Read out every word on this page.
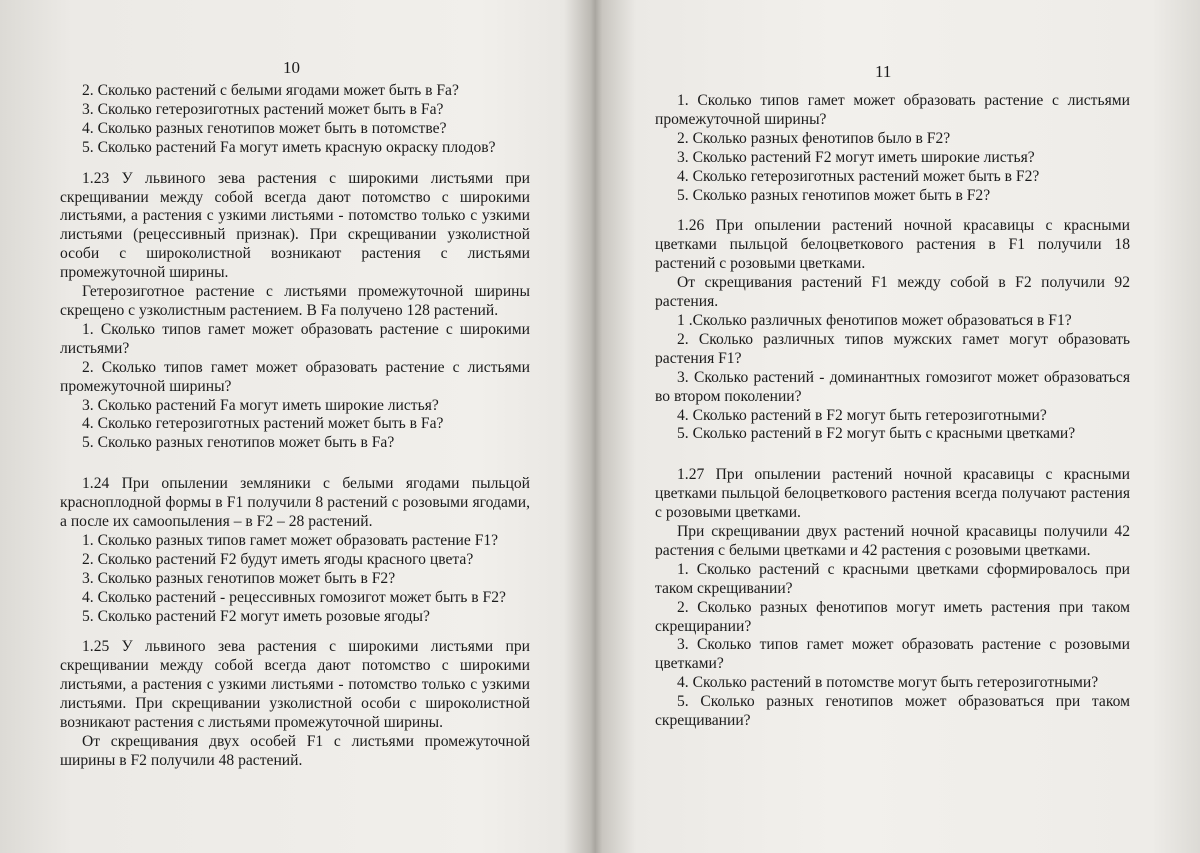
10

2. Сколько растений с белыми ягодами может быть в Fa?

3. Сколько гетерозиготных растений может быть в Fa?

4. Сколько разных генотипов может быть в потомстве?

5. Сколько растений Fa могут иметь красную окраску плодов?

1.23 У львиного зева растения с широкими листьями при скрещивании между собой всегда дают потомство с широкими листьями, а растения с узкими листьями - потомство только с узкими листьями (рецессивный признак). При скрещивании узколистной особи с широколистной возникают растения с листьями промежуточной ширины.

Гетерозиготное растение с листьями промежуточной ширины скрещено с узколистным растением. В Fa получено 128 растений.

1. Сколько типов гамет может образовать растение с широкими листьями?

2. Сколько типов гамет может образовать растение с листьями промежуточной ширины?

3. Сколько растений Fa могут иметь широкие листья?

4. Сколько гетерозиготных растений может быть в Fa?

5. Сколько разных генотипов может быть в Fa?

1.24 При опылении земляники с белыми ягодами пыльцой краснoплодной формы в F1 получили 8 растений с розовыми ягодами, а после их самоопыления – в F2 – 28 растений.

1. Сколько разных типов гамет может образовать растение F1?

2. Сколько растений F2 будут иметь ягоды красного цвета?

3. Сколько разных генотипов может быть в F2?

4. Сколько растений - рецессивных гомозигот может быть в F2?

5. Сколько растений F2 могут иметь розовые ягоды?

1.25 У львиного зева растения с широкими листьями при скрещивании между собой всегда дают потомство с широкими листьями, а растения с узкими листьями - потомство только с узкими листьями. При скрещивании узколистной особи с широколистной возникают растения с листьями промежуточной ширины.

От скрещивания двух особей F1 с листьями промежуточной ширины в F2 получили 48 растений.

11

1. Сколько типов гамет может образовать растение с листьями промежуточной ширины?

2. Сколько разных фенотипов было в F2?

3. Сколько растений F2 могут иметь широкие листья?

4. Сколько гетерозиготных растений может быть в F2?

5. Сколько разных генотипов может быть в F2?

1.26 При опылении растений ночной красавицы с красными цветками пыльцой белоцветкового растения в F1 получили 18 растений с розовыми цветками.

От скрещивания растений F1 между собой в F2 получили 92 растения.

1 .Сколько различных фенотипов может образоваться в F1?

2. Сколько различных типов мужских гамет могут образовать растения F1?

3. Сколько растений - доминантных гомозигот может образоваться во втором поколении?

4. Сколько растений в F2 могут быть гетерозиготными?

5. Сколько растений в F2 могут быть с красными цветками?

1.27 При опылении растений ночной красавицы с красными цветками пыльцой белоцветкового растения всегда получают растения с розовыми цветками.

При скрещивании двух растений ночной красавицы получили 42 растения с белыми цветками и 42 растения с розовыми цветками.

1. Сколько растений с красными цветками сформировалось при таком скрещивании?

2. Сколько разных фенотипов могут иметь растения при таком скрещирании?

3. Сколько типов гамет может образовать растение с розовыми цветками?

4. Сколько растений в потомстве могут быть гетерозиготными?

5. Сколько разных генотипов может образоваться при таком скрещивании?
